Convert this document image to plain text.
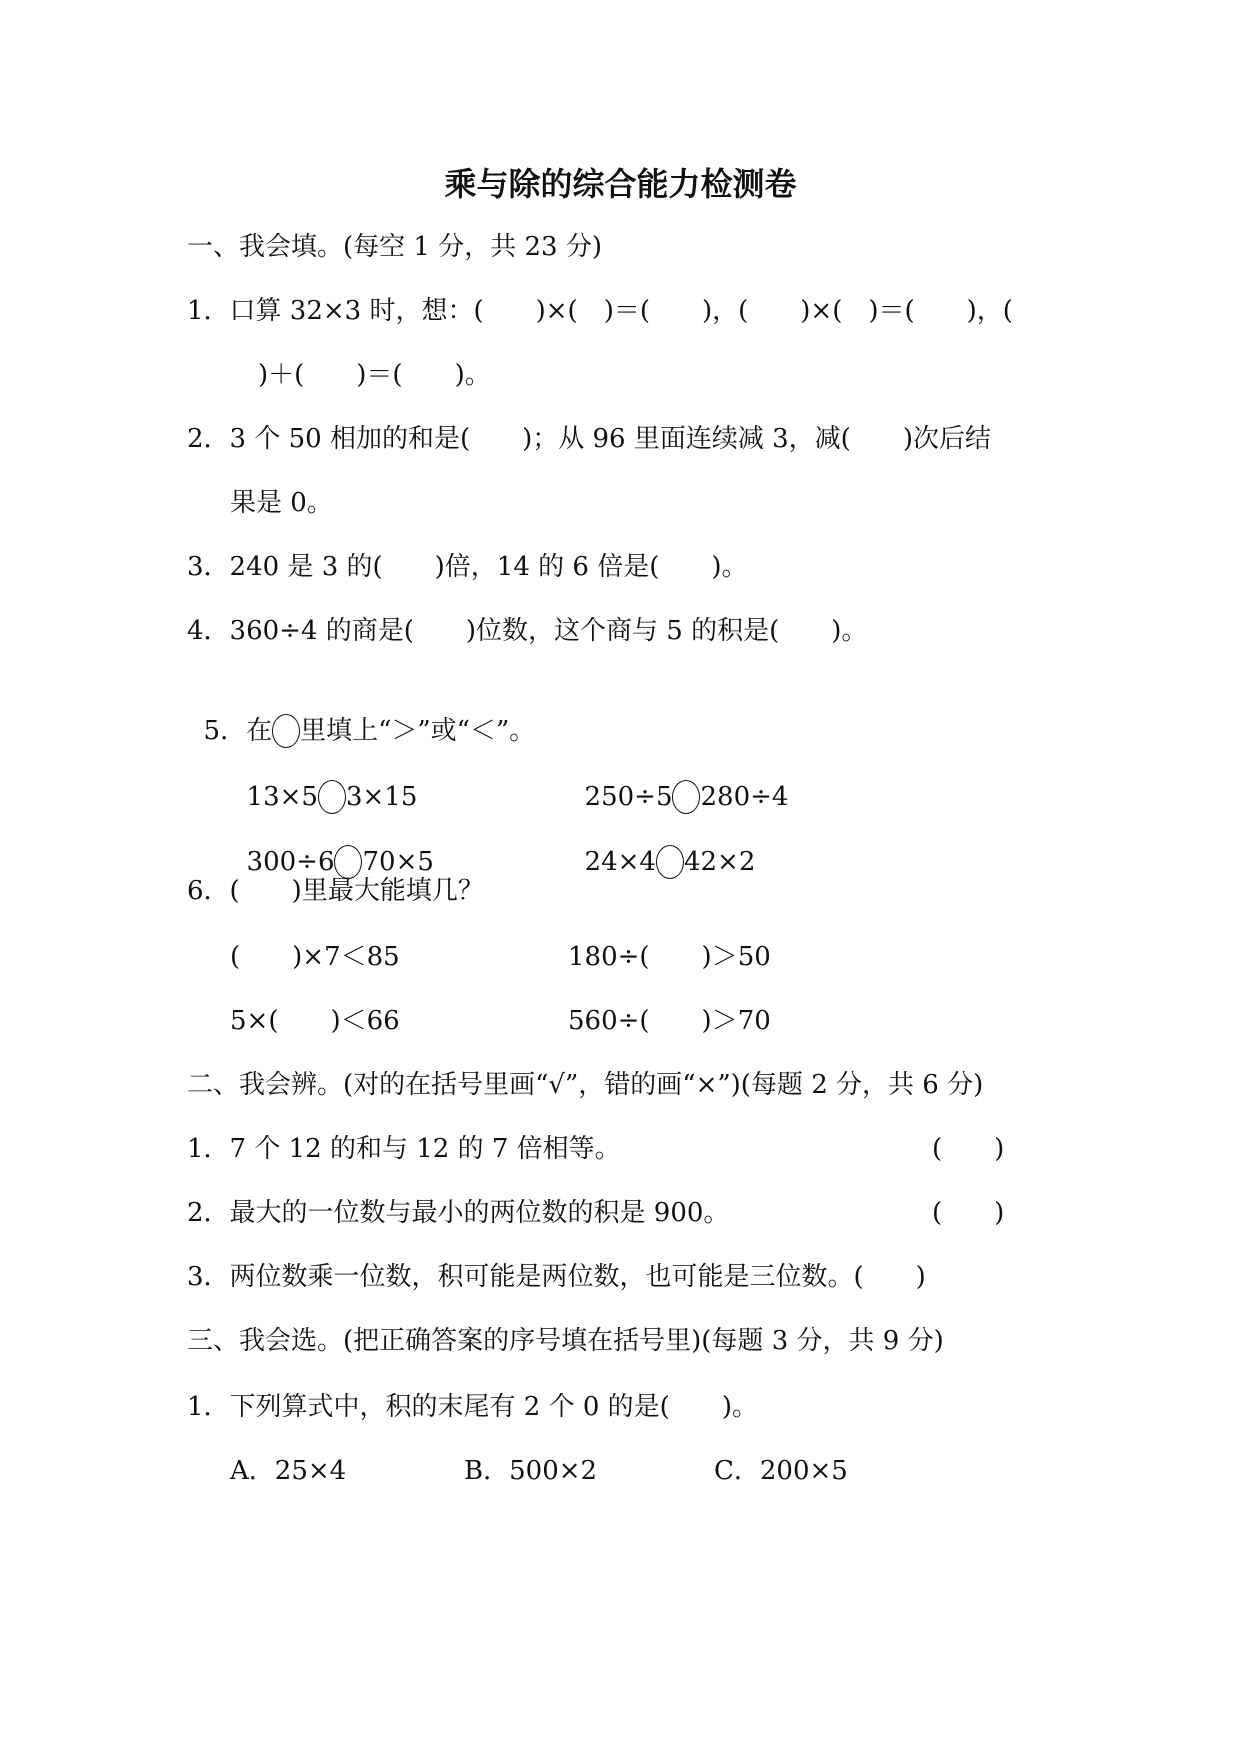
乘与除的综合能力检测卷
一、我会填。(每空 1 分，共 23 分)
1．口算 32×3 时，想：(　　)×(　)＝(　　)，(　　)×(　)＝(　　)，(
)＋(　　)＝(　　)。
2．3 个 50 相加的和是(　　)；从 96 里面连续减 3，减(　　)次后结
果是 0。
3．240 是 3 的(　　)倍，14 的 6 倍是(　　)。
4．360÷4 的商是(　　)位数，这个商与 5 的积是(　　)。

5．在 里填上“＞”或“＜”。

13×5 3×15	250÷5 280÷4

300÷6 70×5	24×4 42×2

6．(　　)里最大能填几？
(　　)×7＜85	180÷(　　)＞50
5×(　　)＜66	560÷(　　)＞70
二、我会辨。(对的在括号里画“√”，错的画“×”)(每题 2 分，共 6 分)
1．7 个 12 的和与 12 的 7 倍相等。	(　　)
2．最大的一位数与最小的两位数的积是 900。	(　　)
3．两位数乘一位数，积可能是两位数，也可能是三位数。(　　)
三、我会选。(把正确答案的序号填在括号里)(每题 3 分，共 9 分)
1．下列算式中，积的末尾有 2 个 0 的是(　　)。
A．25×4	B．500×2	C．200×5
